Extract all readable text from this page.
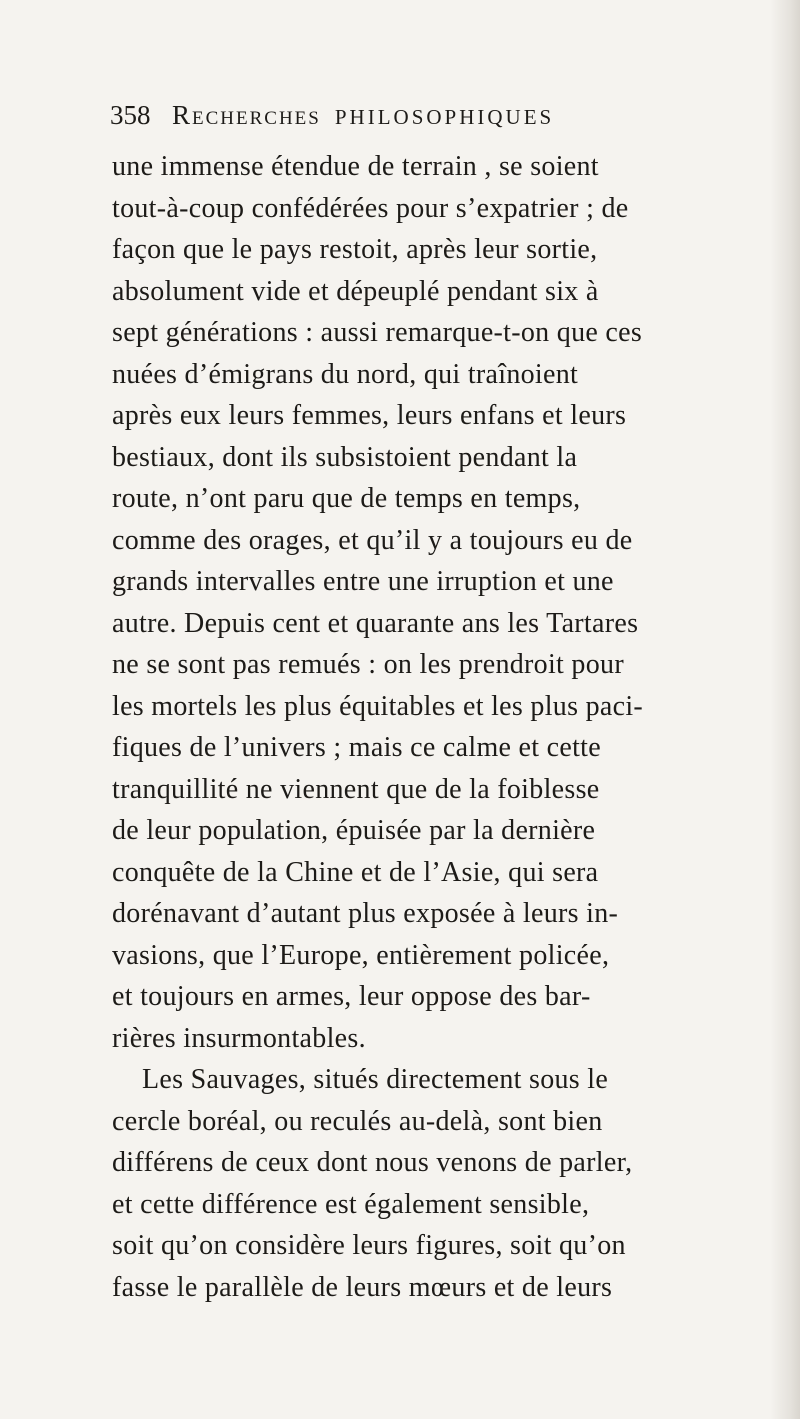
358 Recherches PHILOSOPHIQUES
une immense étendue de terrain , se soient
tout-à-coup confédérées pour s’expatrier ; de
façon que le pays restoit, après leur sortie,
absolument vide et dépeuplé pendant six à
sept générations : aussi remarque-t-on que ces
nuées d’émigrans du nord, qui traînoient
après eux leurs femmes, leurs enfans et leurs
bestiaux, dont ils subsistoient pendant la
route, n’ont paru que de temps en temps,
comme des orages, et qu’il y a toujours eu de
grands intervalles entre une irruption et une
autre. Depuis cent et quarante ans les Tartares
ne se sont pas remués : on les prendroit pour
les mortels les plus équitables et les plus paci-
fiques de l’univers ; mais ce calme et cette
tranquillité ne viennent que de la foiblesse
de leur population, épuisée par la dernière
conquête de la Chine et de l’Asie, qui sera
dorénavant d’autant plus exposée à leurs in-
vasions, que l’Europe, entièrement policée,
et toujours en armes, leur oppose des bar-
rières insurmontables.
Les Sauvages, situés directement sous le
cercle boréal, ou reculés au-delà, sont bien
différens de ceux dont nous venons de parler,
et cette différence est également sensible,
soit qu’on considère leurs figures, soit qu’on
fasse le parallèle de leurs mœurs et de leurs
